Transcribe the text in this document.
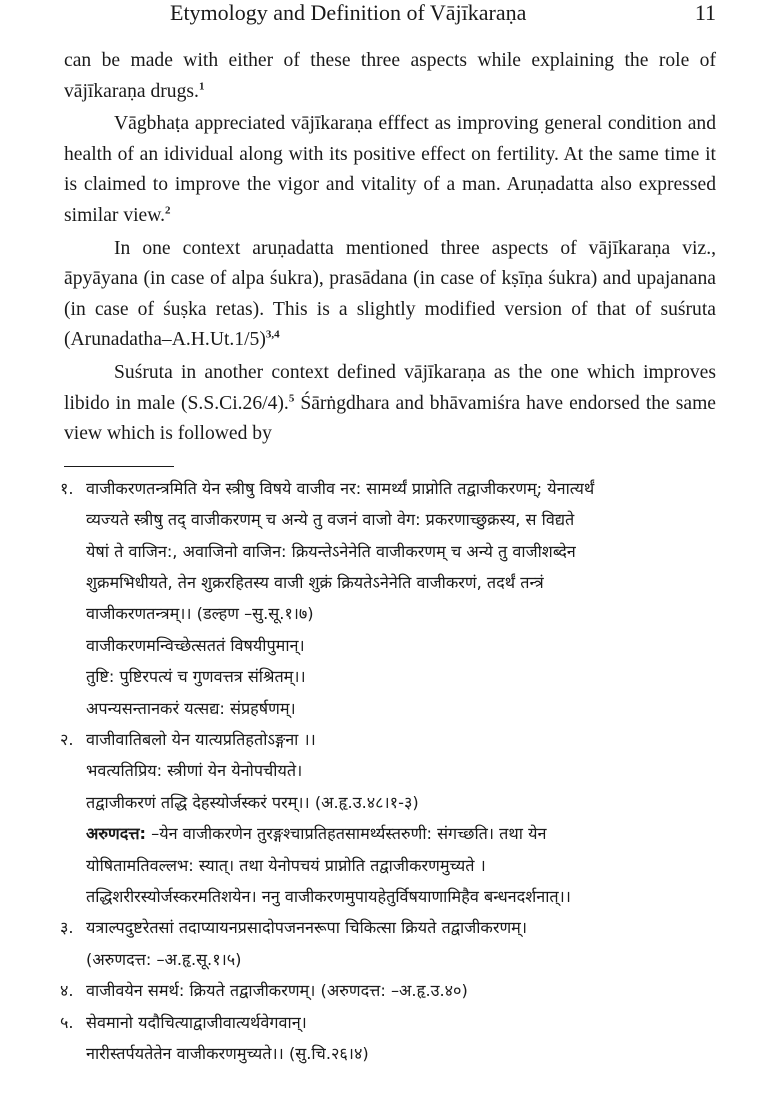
Etymology and Definition of Vājīkaraṇa	11

can be made with either of these three aspects while explaining the role of vājīkaraṇa drugs.$^1$

Vāgbhaṭa appreciated vājīkaraṇa efffect as improving general condition and health of an idividual along with its positive effect on fertility. At the same time it is claimed to improve the vigor and vitality of a man. Aruṇadatta also expressed similar view.$^2$

In one context aruṇadatta mentioned three aspects of vājīkaraṇa viz., āpyāyana (in case of alpa śukra), prasādana (in case of kṣīṇa śukra) and upajanana (in case of śuṣka retas). This is a slightly modified version of that of suśruta (Arunadatha–A.H.Ut.1/5)$^{3,4}$

Suśruta in another context defined vājīkaraṇa as the one which improves libido in male (S.S.Ci.26/4).$^5$ Śārṅgdhara and bhāvamiśra have endorsed the same view which is followed by

१. वाजीकरणतन्त्रमिति येन स्त्रीषु विषये वाजीव नर: सामर्थ्यं प्राप्नोति तद्वाजीकरणम्; येनात्यर्थं
व्यज्यते स्त्रीषु तद् वाजीकरणम् च अन्ये तु वजनं वाजो वेग: प्रकरणाच्छुक्रस्य, स विद्यते
येषां ते वाजिन:, अवाजिनो वाजिन: क्रियन्तेऽनेनेति वाजीकरणम् च अन्ये तु वाजीशब्देन
शुक्रमभिधीयते, तेन शुक्ररहितस्य वाजी शुक्रं क्रियतेऽनेनेति वाजीकरणं, तदर्थं तन्त्रं
वाजीकरणतन्त्रम्।। (डल्हण –सु.सू.१।७)
वाजीकरणमन्विच्छेत्सततं विषयीपुमान्।
तुष्टि: पुष्टिरपत्यं च गुणवत्तत्र संश्रितम्।।
अपन्यसन्तानकरं यत्सद्य: संप्रहर्षणम्।
२. वाजीवातिबलो येन यात्यप्रतिहतोऽङ्गना ।।
भवत्यतिप्रिय: स्त्रीणां येन येनोपचीयते।
तद्वाजीकरणं तद्धि देहस्योर्जस्करं परम्।। (अ.हृ.उ.४८।१-३)
अरुणदत्त: –येन वाजीकरणेन तुरङ्गश्चाप्रतिहतसामर्थ्यस्तरुणी: संगच्छति। तथा येन
योषितामतिवल्लभ: स्यात्। तथा येनोपचयं प्राप्नोति तद्वाजीकरणमुच्यते ।
तद्धिशरीरस्योर्जस्करमतिशयेन। ननु वाजीकरणमुपायहेतुर्विषयाणामिहैव बन्धनदर्शनात्।।
३. यत्राल्पदुष्टरेतसां तदाप्यायनप्रसादोपजननरूपा चिकित्सा क्रियते तद्वाजीकरणम्।
(अरुणदत्त: –अ.हृ.सू.१।५)
४. वाजीवयेन समर्थ: क्रियते तद्वाजीकरणम्। (अरुणदत्त: –अ.हृ.उ.४०)
५. सेवमानो यदौचित्याद्वाजीवात्यर्थवेगवान्।
नारीस्तर्पयतेतेन वाजीकरणमुच्यते।। (सु.चि.२६।४)
